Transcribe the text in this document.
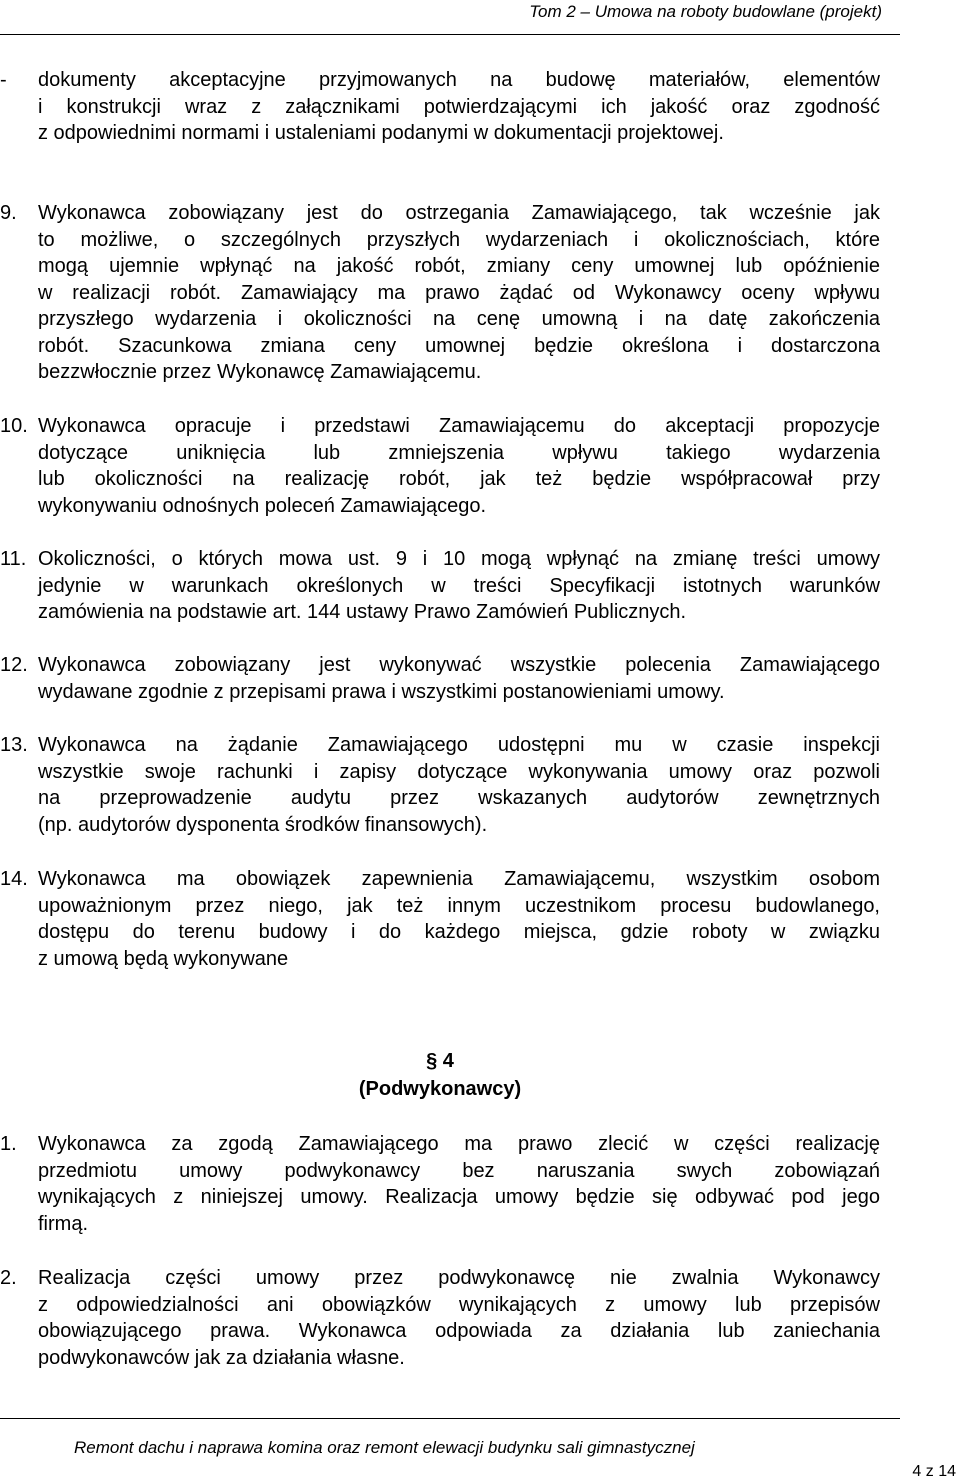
Tom 2 – Umowa na roboty budowlane (projekt)
- dokumenty akceptacyjne przyjmowanych na budowę materiałów, elementów
i konstrukcji wraz z załącznikami potwierdzającymi ich jakość oraz zgodność
z odpowiednimi normami i ustaleniami podanymi w dokumentacji projektowej.
9. Wykonawca zobowiązany jest do ostrzegania Zamawiającego, tak wcześnie jak
to możliwe, o szczególnych przyszłych wydarzeniach i okolicznościach, które
mogą ujemnie wpłynąć na jakość robót, zmiany ceny umownej lub opóźnienie
w realizacji robót. Zamawiający ma prawo żądać od Wykonawcy oceny wpływu
przyszłego wydarzenia i okoliczności na cenę umowną i na datę zakończenia
robót. Szacunkowa zmiana ceny umownej będzie określona i dostarczona
bezzwłocznie przez Wykonawcę Zamawiającemu.
10. Wykonawca opracuje i przedstawi Zamawiającemu do akceptacji propozycje
dotyczące uniknięcia lub zmniejszenia wpływu takiego wydarzenia
lub okoliczności na realizację robót, jak też będzie współpracował przy
wykonywaniu odnośnych poleceń Zamawiającego.
11. Okoliczności, o których mowa ust. 9 i 10 mogą wpłynąć na zmianę treści umowy
jedynie w warunkach określonych w treści Specyfikacji istotnych warunków
zamówienia na podstawie art. 144 ustawy Prawo Zamówień Publicznych.
12. Wykonawca zobowiązany jest wykonywać wszystkie polecenia Zamawiającego
wydawane zgodnie z przepisami prawa i wszystkimi postanowieniami umowy.
13. Wykonawca na żądanie Zamawiającego udostępni mu w czasie inspekcji
wszystkie swoje rachunki i zapisy dotyczące wykonywania umowy oraz pozwoli
na przeprowadzenie audytu przez wskazanych audytorów zewnętrznych
(np. audytorów dysponenta środków finansowych).
14. Wykonawca ma obowiązek zapewnienia Zamawiającemu, wszystkim osobom
upoważnionym przez niego, jak też innym uczestnikom procesu budowlanego,
dostępu do terenu budowy i do każdego miejsca, gdzie roboty w związku
z umową będą wykonywane
§ 4
(Podwykonawcy)
1. Wykonawca za zgodą Zamawiającego ma prawo zlecić w części realizację
przedmiotu umowy podwykonawcy bez naruszania swych zobowiązań
wynikających z niniejszej umowy. Realizacja umowy będzie się odbywać pod jego
firmą.
2. Realizacja części umowy przez podwykonawcę nie zwalnia Wykonawcy
z odpowiedzialności ani obowiązków wynikających z umowy lub przepisów
obowiązującego prawa. Wykonawca odpowiada za działania lub zaniechania
podwykonawców jak za działania własne.
Remont dachu i naprawa komina oraz remont elewacji budynku sali gimnastycznej
4 z 14
